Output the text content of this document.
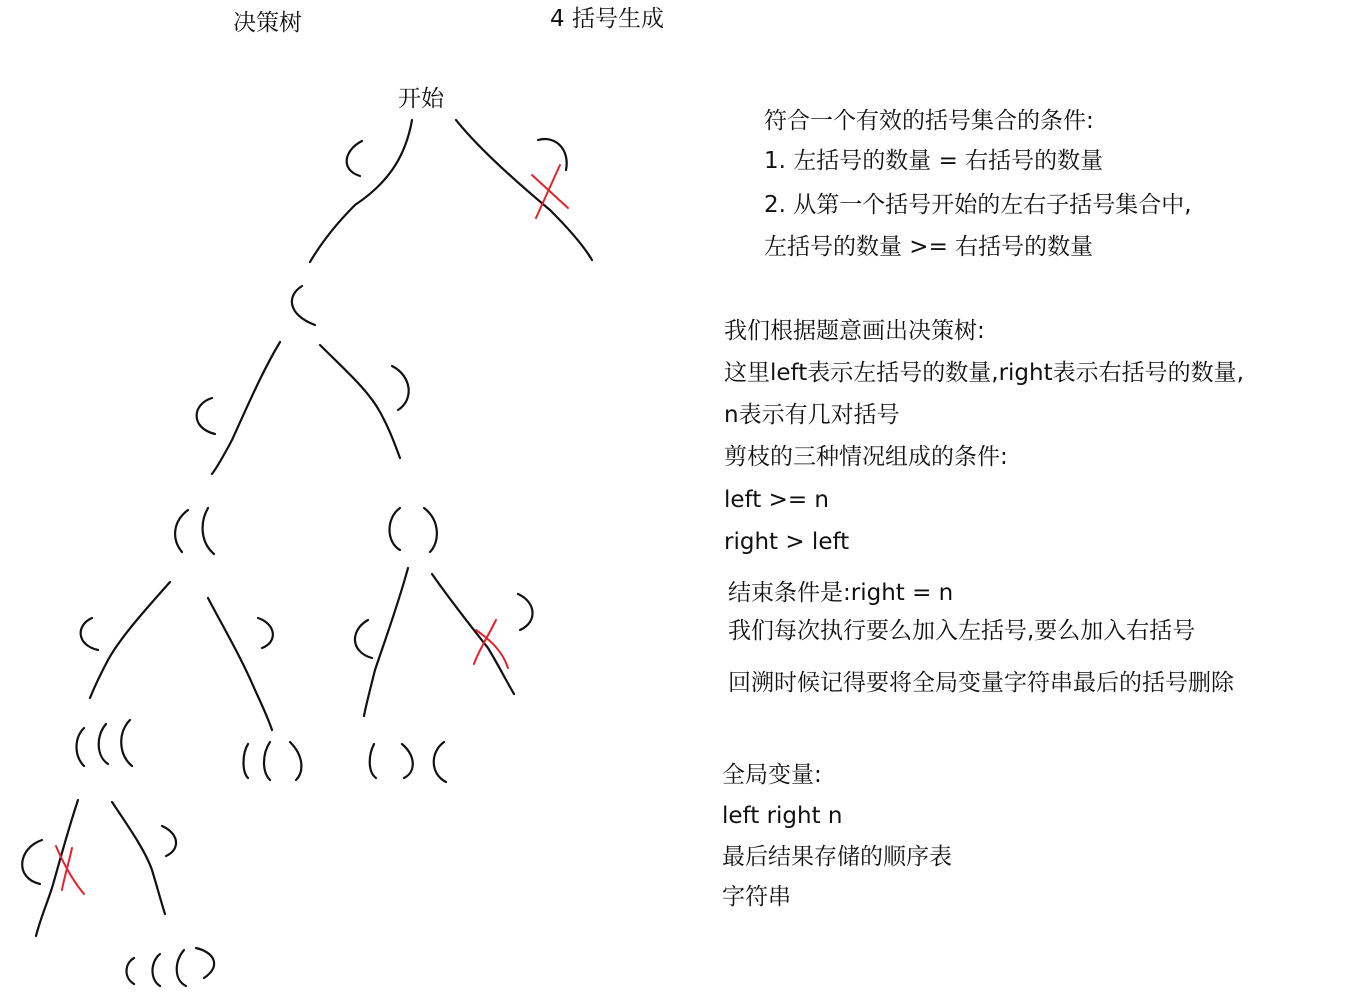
决策树	4 括号生成
开始
符合一个有效的括号集合的条件:
1. 左括号的数量 = 右括号的数量
2. 从第一个括号开始的左右子括号集合中,
左括号的数量 >= 右括号的数量
我们根据题意画出决策树:
这里left表示左括号的数量,right表示右括号的数量,
n表示有几对括号
剪枝的三种情况组成的条件:
left >= n
right > left
结束条件是:right = n
我们每次执行要么加入左括号,要么加入右括号
回溯时候记得要将全局变量字符串最后的括号删除
全局变量:
left right n
最后结果存储的顺序表
字符串
